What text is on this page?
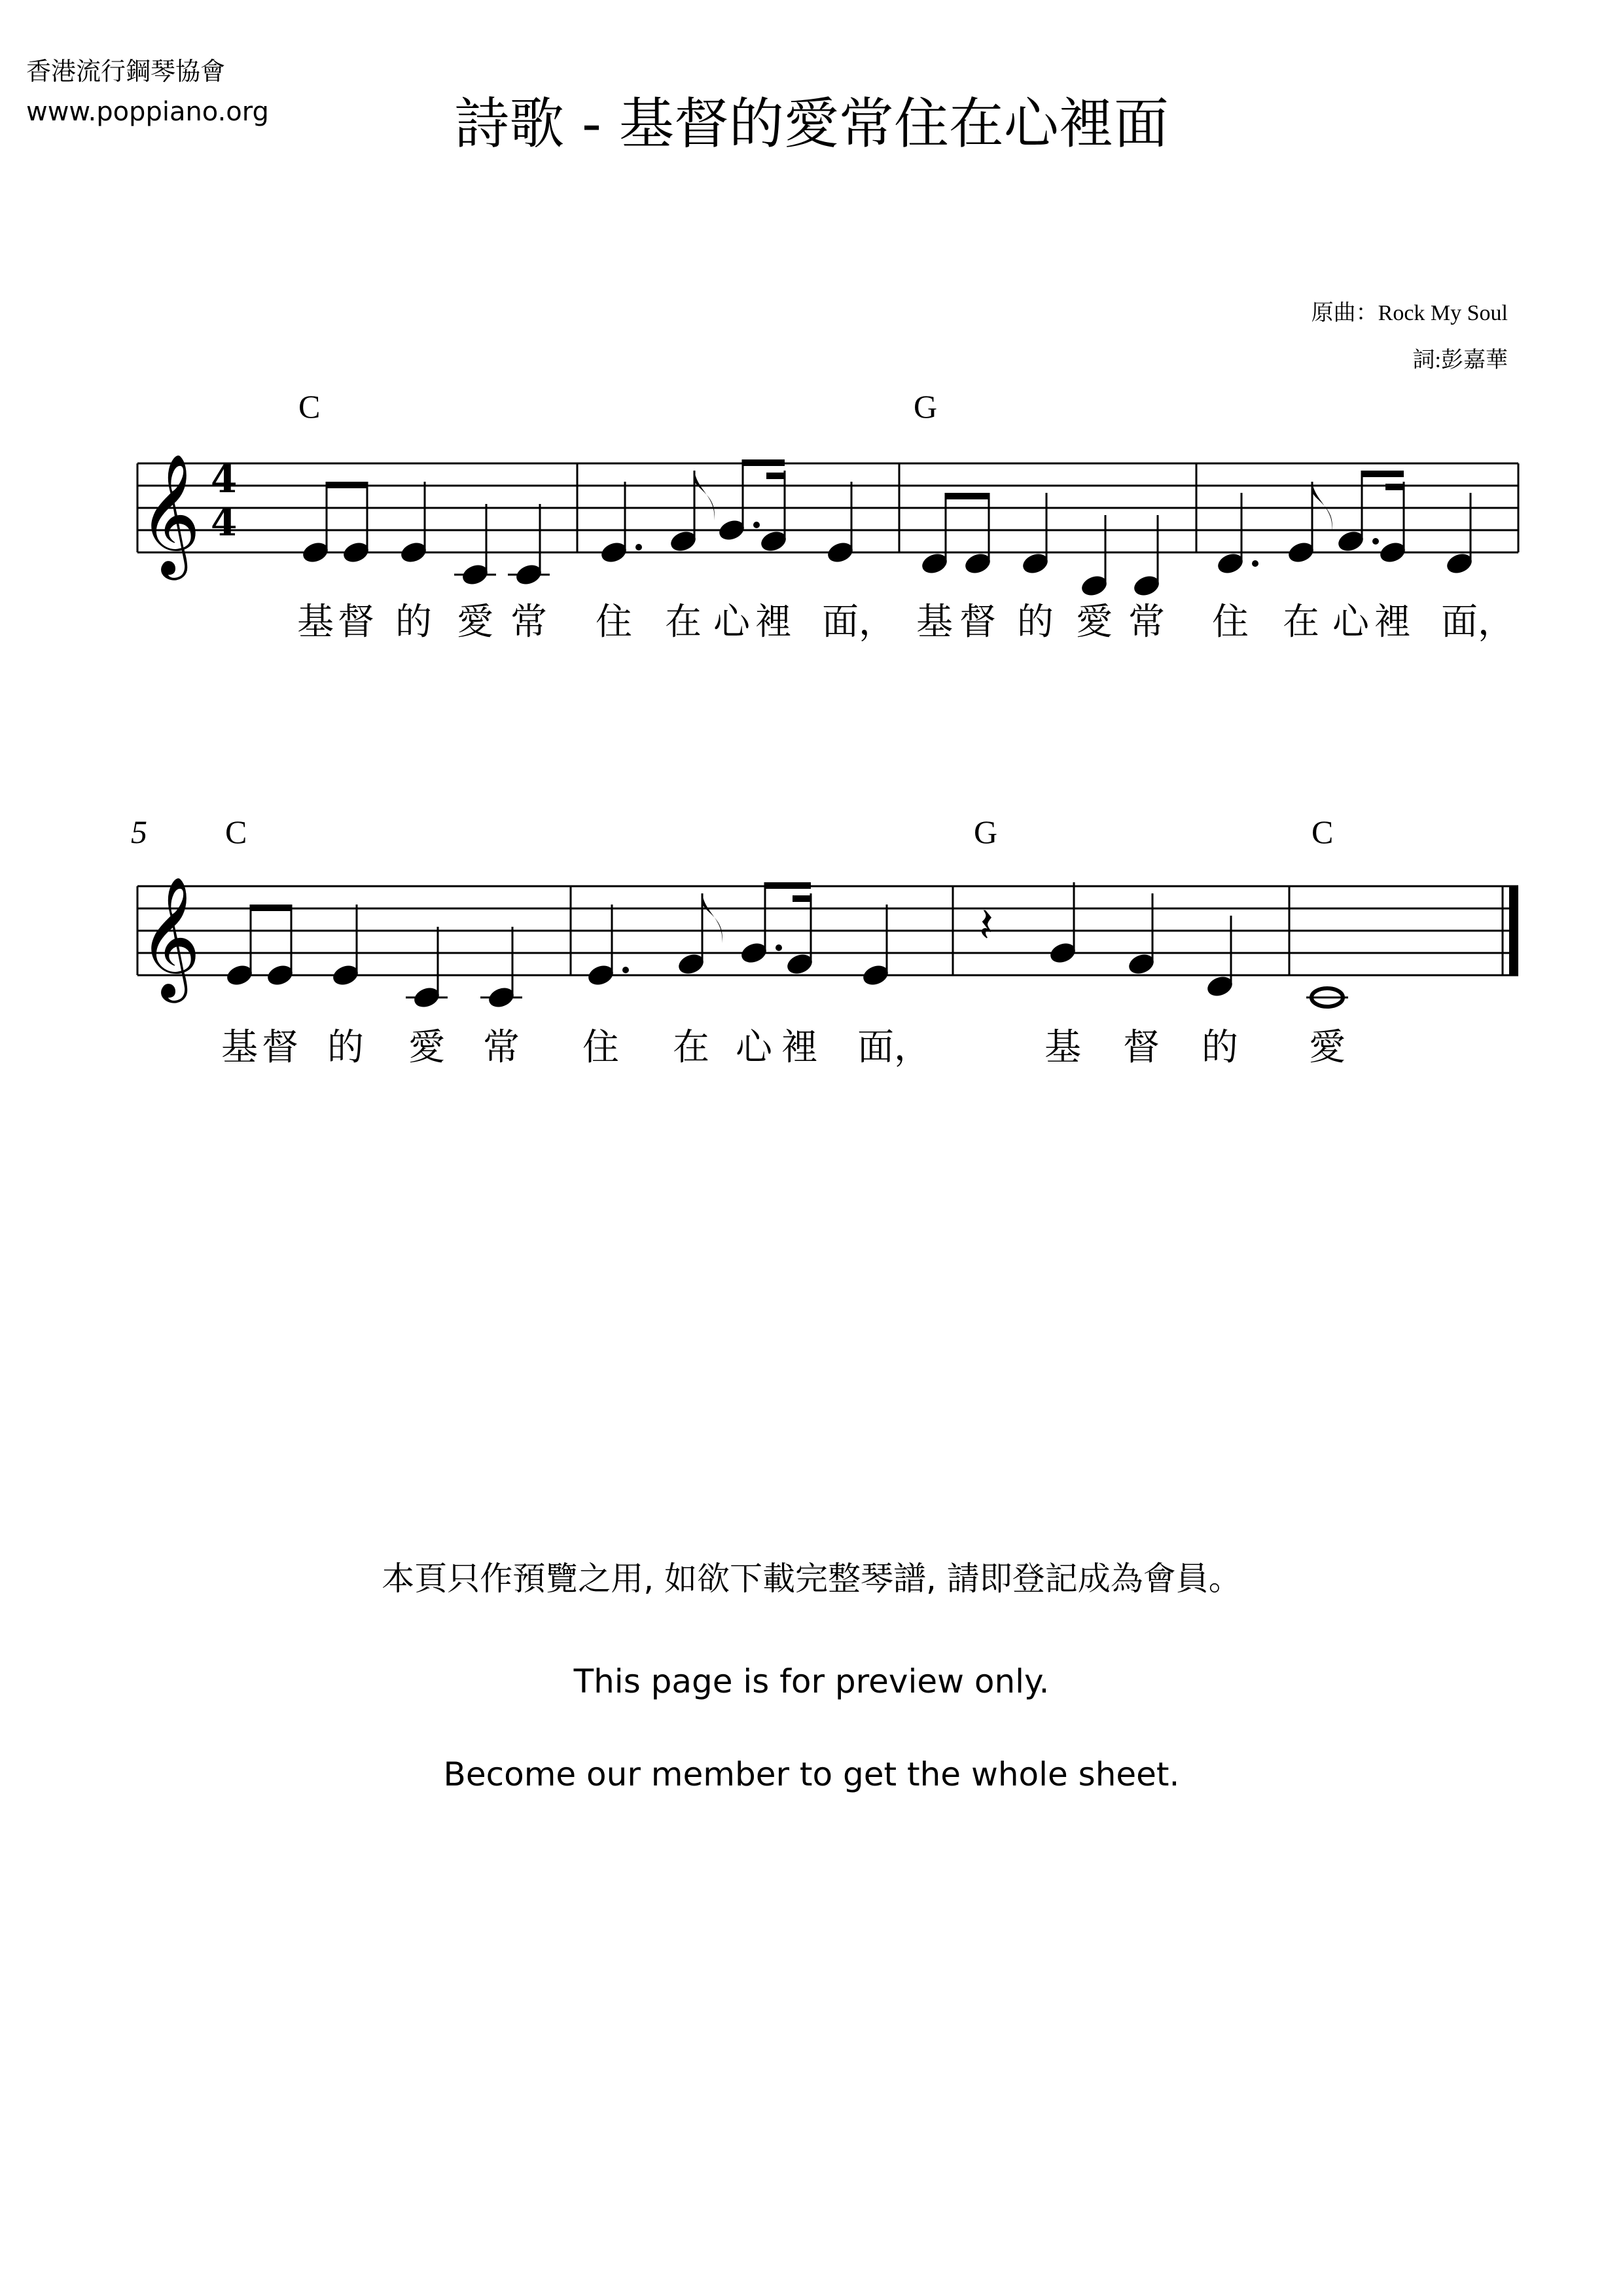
香港流行鋼琴協會
www.poppiano.org	詩歌 - 基督的愛常住在心裡面
原曲：Rock My Soul
詞:彭嘉華
C	G
𝄞 4
4
基 督 的 愛 常 住 在 心 裡 面， 基 督 的 愛 常 住 在 心 裡 面，
5 C	G	C
𝄞	𝄽
基 督 的 愛 常 住 在 心 裡 面，	基 督 的 愛
本頁只作預覽之用, 如欲下載完整琴譜, 請即登記成為會員。
This page is for preview only.
Become our member to get the whole sheet.
